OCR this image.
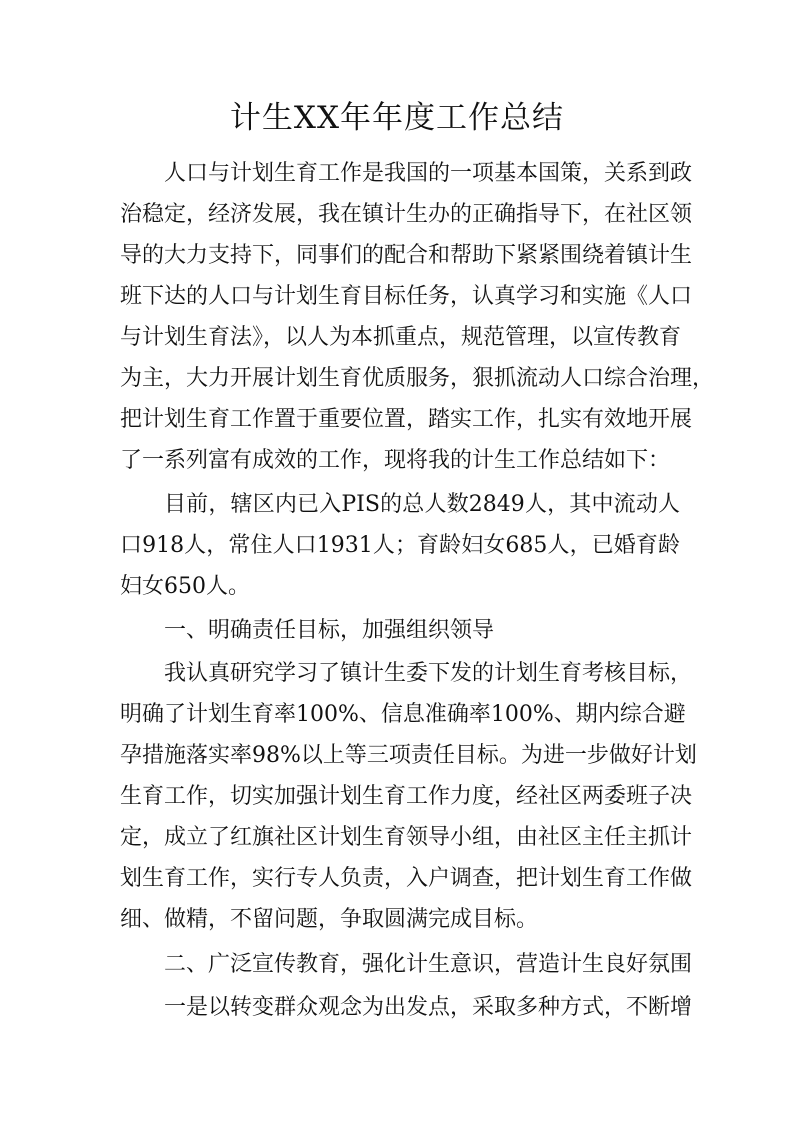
计生XX年年度工作总结
人口与计划生育工作是我国的一项基本国策，关系到政
治稳定，经济发展，我在镇计生办的正确指导下，在社区领
导的大力支持下，同事们的配合和帮助下紧紧围绕着镇计生
班下达的人口与计划生育目标任务，认真学习和实施《人口
与计划生育法》，以人为本抓重点，规范管理，以宣传教育
为主，大力开展计划生育优质服务，狠抓流动人口综合治理，
把计划生育工作置于重要位置，踏实工作，扎实有效地开展
了一系列富有成效的工作，现将我的计生工作总结如下：
目前，辖区内已入PIS的总人数2849人，其中流动人
口918人，常住人口1931人；育龄妇女685人，已婚育龄
妇女650人。
一、明确责任目标，加强组织领导
我认真研究学习了镇计生委下发的计划生育考核目标，
明确了计划生育率100%、信息准确率100%、期内综合避
孕措施落实率98%以上等三项责任目标。为进一步做好计划
生育工作，切实加强计划生育工作力度，经社区两委班子决
定，成立了红旗社区计划生育领导小组，由社区主任主抓计
划生育工作，实行专人负责，入户调查，把计划生育工作做
细、做精，不留问题，争取圆满完成目标。
二、广泛宣传教育，强化计生意识，营造计生良好氛围
一是以转变群众观念为出发点，采取多种方式，不断增
